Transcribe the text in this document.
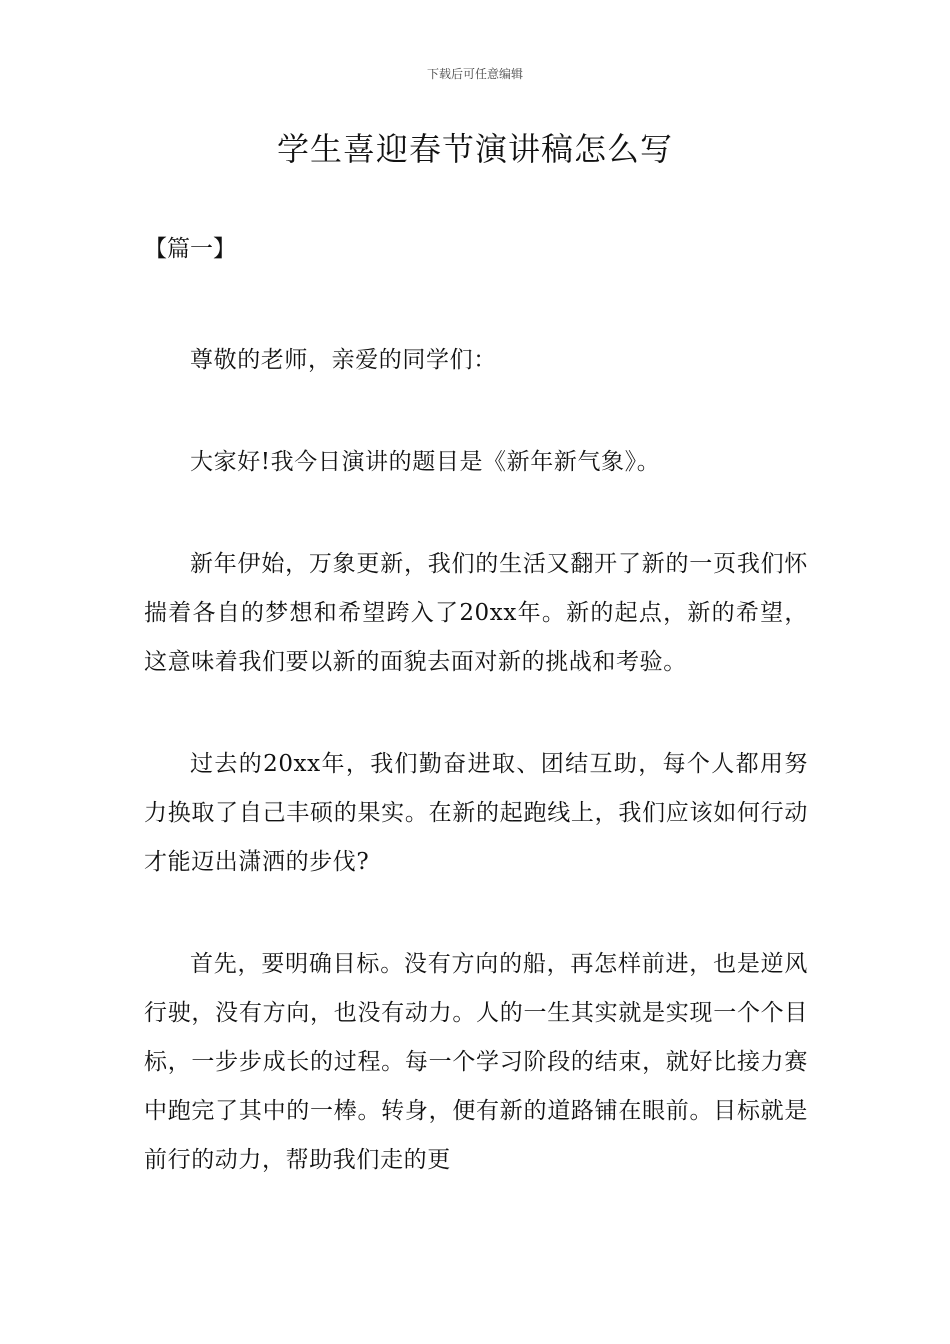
下载后可任意编辑
学生喜迎春节演讲稿怎么写

【篇一】

尊敬的老师，亲爱的同学们：

大家好!我今日演讲的题目是《新年新气象》。

新年伊始，万象更新，我们的生活又翻开了新的一页我们怀揣着各自的梦想和希望跨入了20xx年。新的起点，新的希望，这意味着我们要以新的面貌去面对新的挑战和考验。

过去的20xx年，我们勤奋进取、团结互助，每个人都用努力换取了自己丰硕的果实。在新的起跑线上，我们应该如何行动才能迈出潇洒的步伐?

首先，要明确目标。没有方向的船，再怎样前进，也是逆风行驶，没有方向，也没有动力。人的一生其实就是实现一个个目标，一步步成长的过程。每一个学习阶段的结束，就好比接力赛中跑完了其中的一棒。转身，便有新的道路铺在眼前。目标就是前行的动力，帮助我们走的更
